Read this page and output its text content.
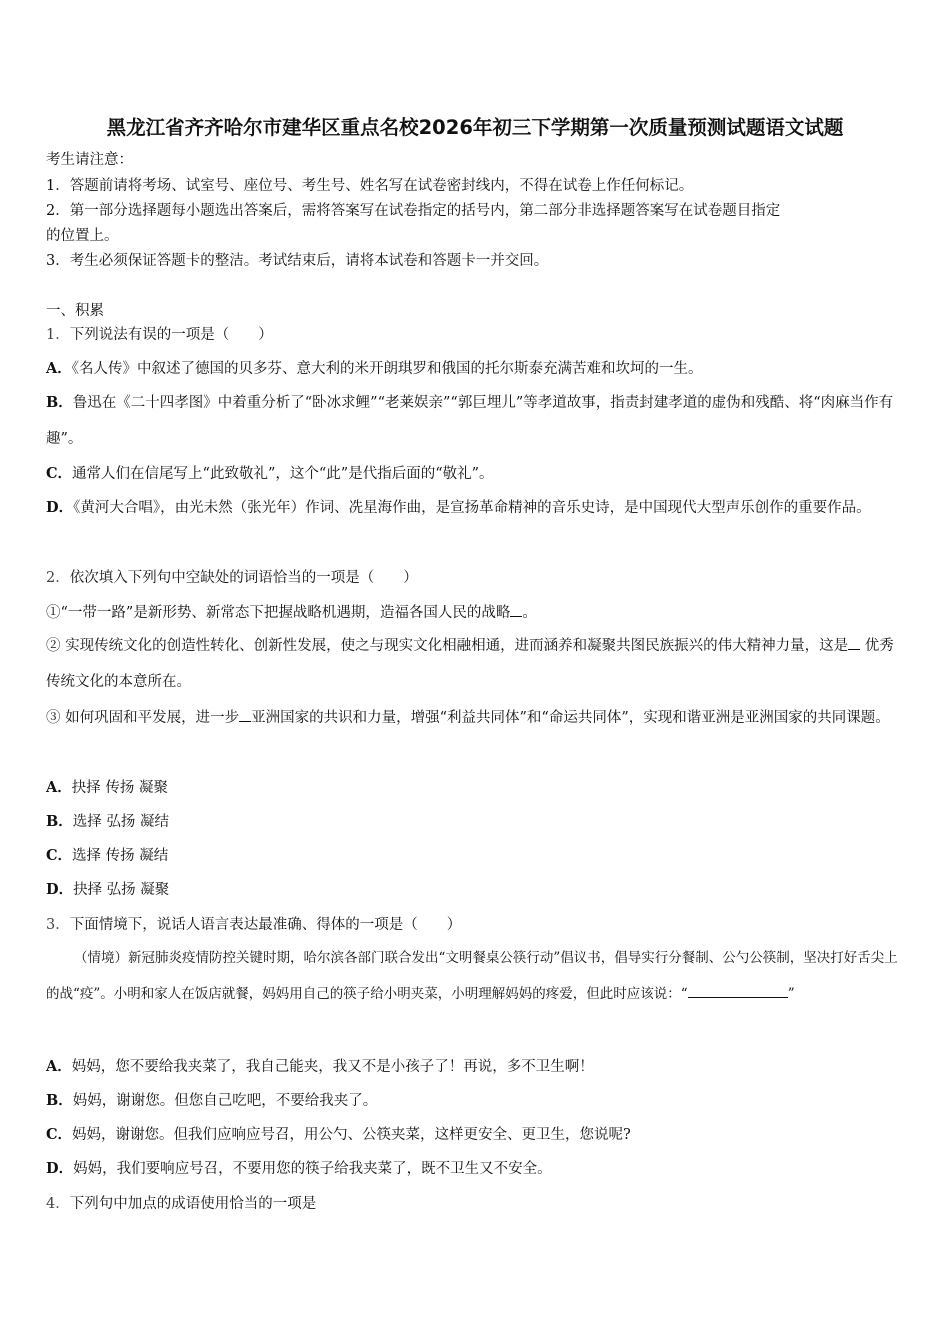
黑龙江省齐齐哈尔市建华区重点名校2026年初三下学期第一次质量预测试题语文试题
考生请注意：
1．答题前请将考场、试室号、座位号、考生号、姓名写在试卷密封线内，不得在试卷上作任何标记。
2．第一部分选择题每小题选出答案后，需将答案写在试卷指定的括号内，第二部分非选择题答案写在试卷题目指定
的位置上。
3．考生必须保证答题卡的整洁。考试结束后，请将本试卷和答题卡一并交回。
一、积累
1．下列说法有误的一项是（　　）
A．《名人传》中叙述了德国的贝多芬、意大利的米开朗琪罗和俄国的托尔斯泰充满苦难和坎坷的一生。
B．鲁迅在《二十四孝图》中着重分析了“卧冰求鲤”“老莱娱亲”“郭巨埋儿”等孝道故事，指责封建孝道的虚伪和残酷、将“肉麻当作有趣”。
C．通常人们在信尾写上“此致敬礼”，这个“此”是代指后面的“敬礼”。
D．《黄河大合唱》，由光未然（张光年）作词、冼星海作曲，是宣扬革命精神的音乐史诗，是中国现代大型声乐创作的重要作品。
2．依次填入下列句中空缺处的词语恰当的一项是（　　）
①“一带一路”是新形势、新常态下把握战略机遇期，造福各国人民的战略 。
② 实现传统文化的创造性转化、创新性发展，使之与现实文化相融相通，进而涵养和凝聚共图民族振兴的伟大精神力量，这是 优秀传统文化的本意所在。
③ 如何巩固和平发展，进一步 亚洲国家的共识和力量，增强“利益共同体”和“命运共同体”，实现和谐亚洲是亚洲国家的共同课题。
A．抉择 传扬 凝聚
B．选择 弘扬 凝结
C．选择 传扬 凝结
D．抉择 弘扬 凝聚
3．下面情境下，说话人语言表达最准确、得体的一项是（　　）
（情境）新冠肺炎疫情防控关键时期，哈尔滨各部门联合发出“文明餐桌公筷行动”倡议书，倡导实行分餐制、公勺公筷制，坚决打好舌尖上的战“疫”。小明和家人在饭店就餐，妈妈用自己的筷子给小明夹菜，小明理解妈妈的疼爱，但此时应该说：“	”
A．妈妈，您不要给我夹菜了，我自己能夹，我又不是小孩子了！再说，多不卫生啊！
B．妈妈，谢谢您。但您自己吃吧，不要给我夹了。
C．妈妈，谢谢您。但我们应响应号召，用公勺、公筷夹菜，这样更安全、更卫生，您说呢?
D．妈妈，我们要响应号召，不要用您的筷子给我夹菜了，既不卫生又不安全。
4．下列句中加点的成语使用恰当的一项是
